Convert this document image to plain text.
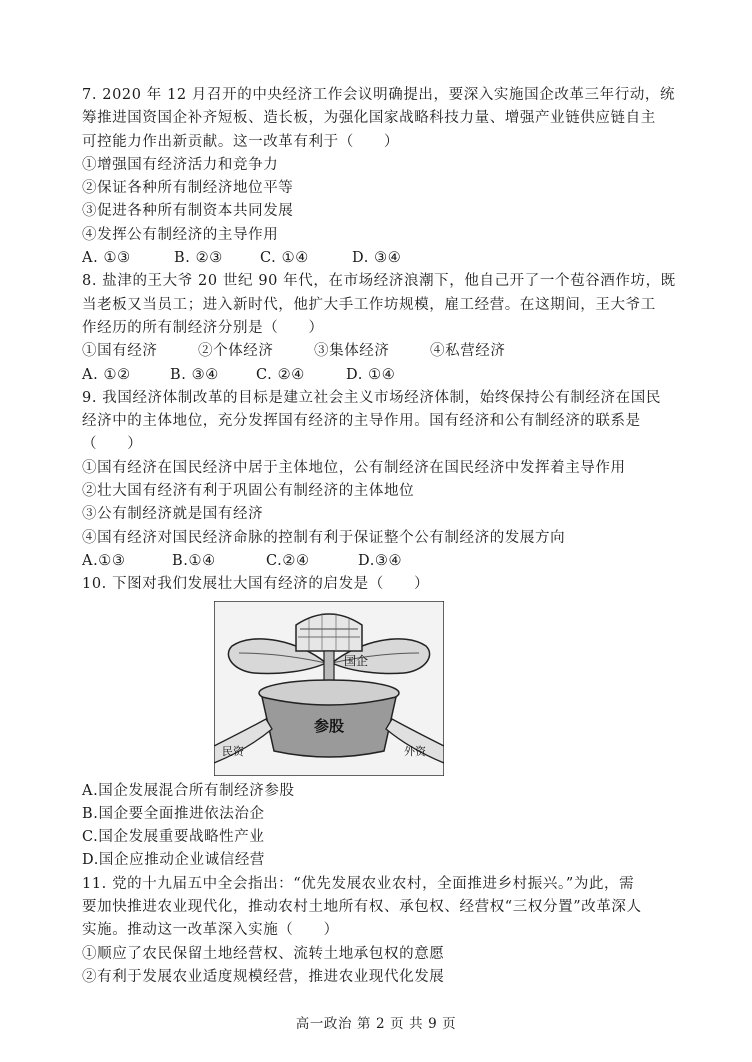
7. 2020 年 12 月召开的中央经济工作会议明确提出，要深入实施国企改革三年行动，统
筹推进国资国企补齐短板、造长板，为强化国家战略科技力量、增强产业链供应链自主
可控能力作出新贡献。这一改革有利于（　　）
①增强国有经济活力和竞争力
②保证各种所有制经济地位平等
③促进各种所有制资本共同发展
④发挥公有制经济的主导作用
A. ①③	B. ②③	C. ①④	D. ③④
8. 盐津的王大爷 20 世纪 90 年代，在市场经济浪潮下，他自己开了一个苞谷酒作坊，既
当老板又当员工；进入新时代，他扩大手工作坊规模，雇工经营。在这期间，王大爷工
作经历的所有制经济分别是（　　）
①国有经济	②个体经济	③集体经济	④私营经济
A. ①②	B. ③④	C. ②④	D. ①④
9. 我国经济体制改革的目标是建立社会主义市场经济体制，始终保持公有制经济在国民
经济中的主体地位，充分发挥国有经济的主导作用。国有经济和公有制经济的联系是
（　　）
①国有经济在国民经济中居于主体地位，公有制经济在国民经济中发挥着主导作用
②壮大国有经济有利于巩固公有制经济的主体地位
③公有制经济就是国有经济
④国有经济对国民经济命脉的控制有利于保证整个公有制经济的发展方向
A.①③	B.①④	C.②④	D.③④
10. 下图对我们发展壮大国有经济的启发是（　　）
国企
参股
民资	外资
A.国企发展混合所有制经济参股
B.国企要全面推进依法治企
C.国企发展重要战略性产业
D.国企应推动企业诚信经营
11. 党的十九届五中全会指出：“优先发展农业农村，全面推进乡村振兴。”为此，需
要加快推进农业现代化，推动农村土地所有权、承包权、经营权“三权分置”改革深人
实施。推动这一改革深入实施（　　）
①顺应了农民保留土地经营权、流转土地承包权的意愿
②有利于发展农业适度规模经营，推进农业现代化发展
高一政治 第 2 页 共 9 页
